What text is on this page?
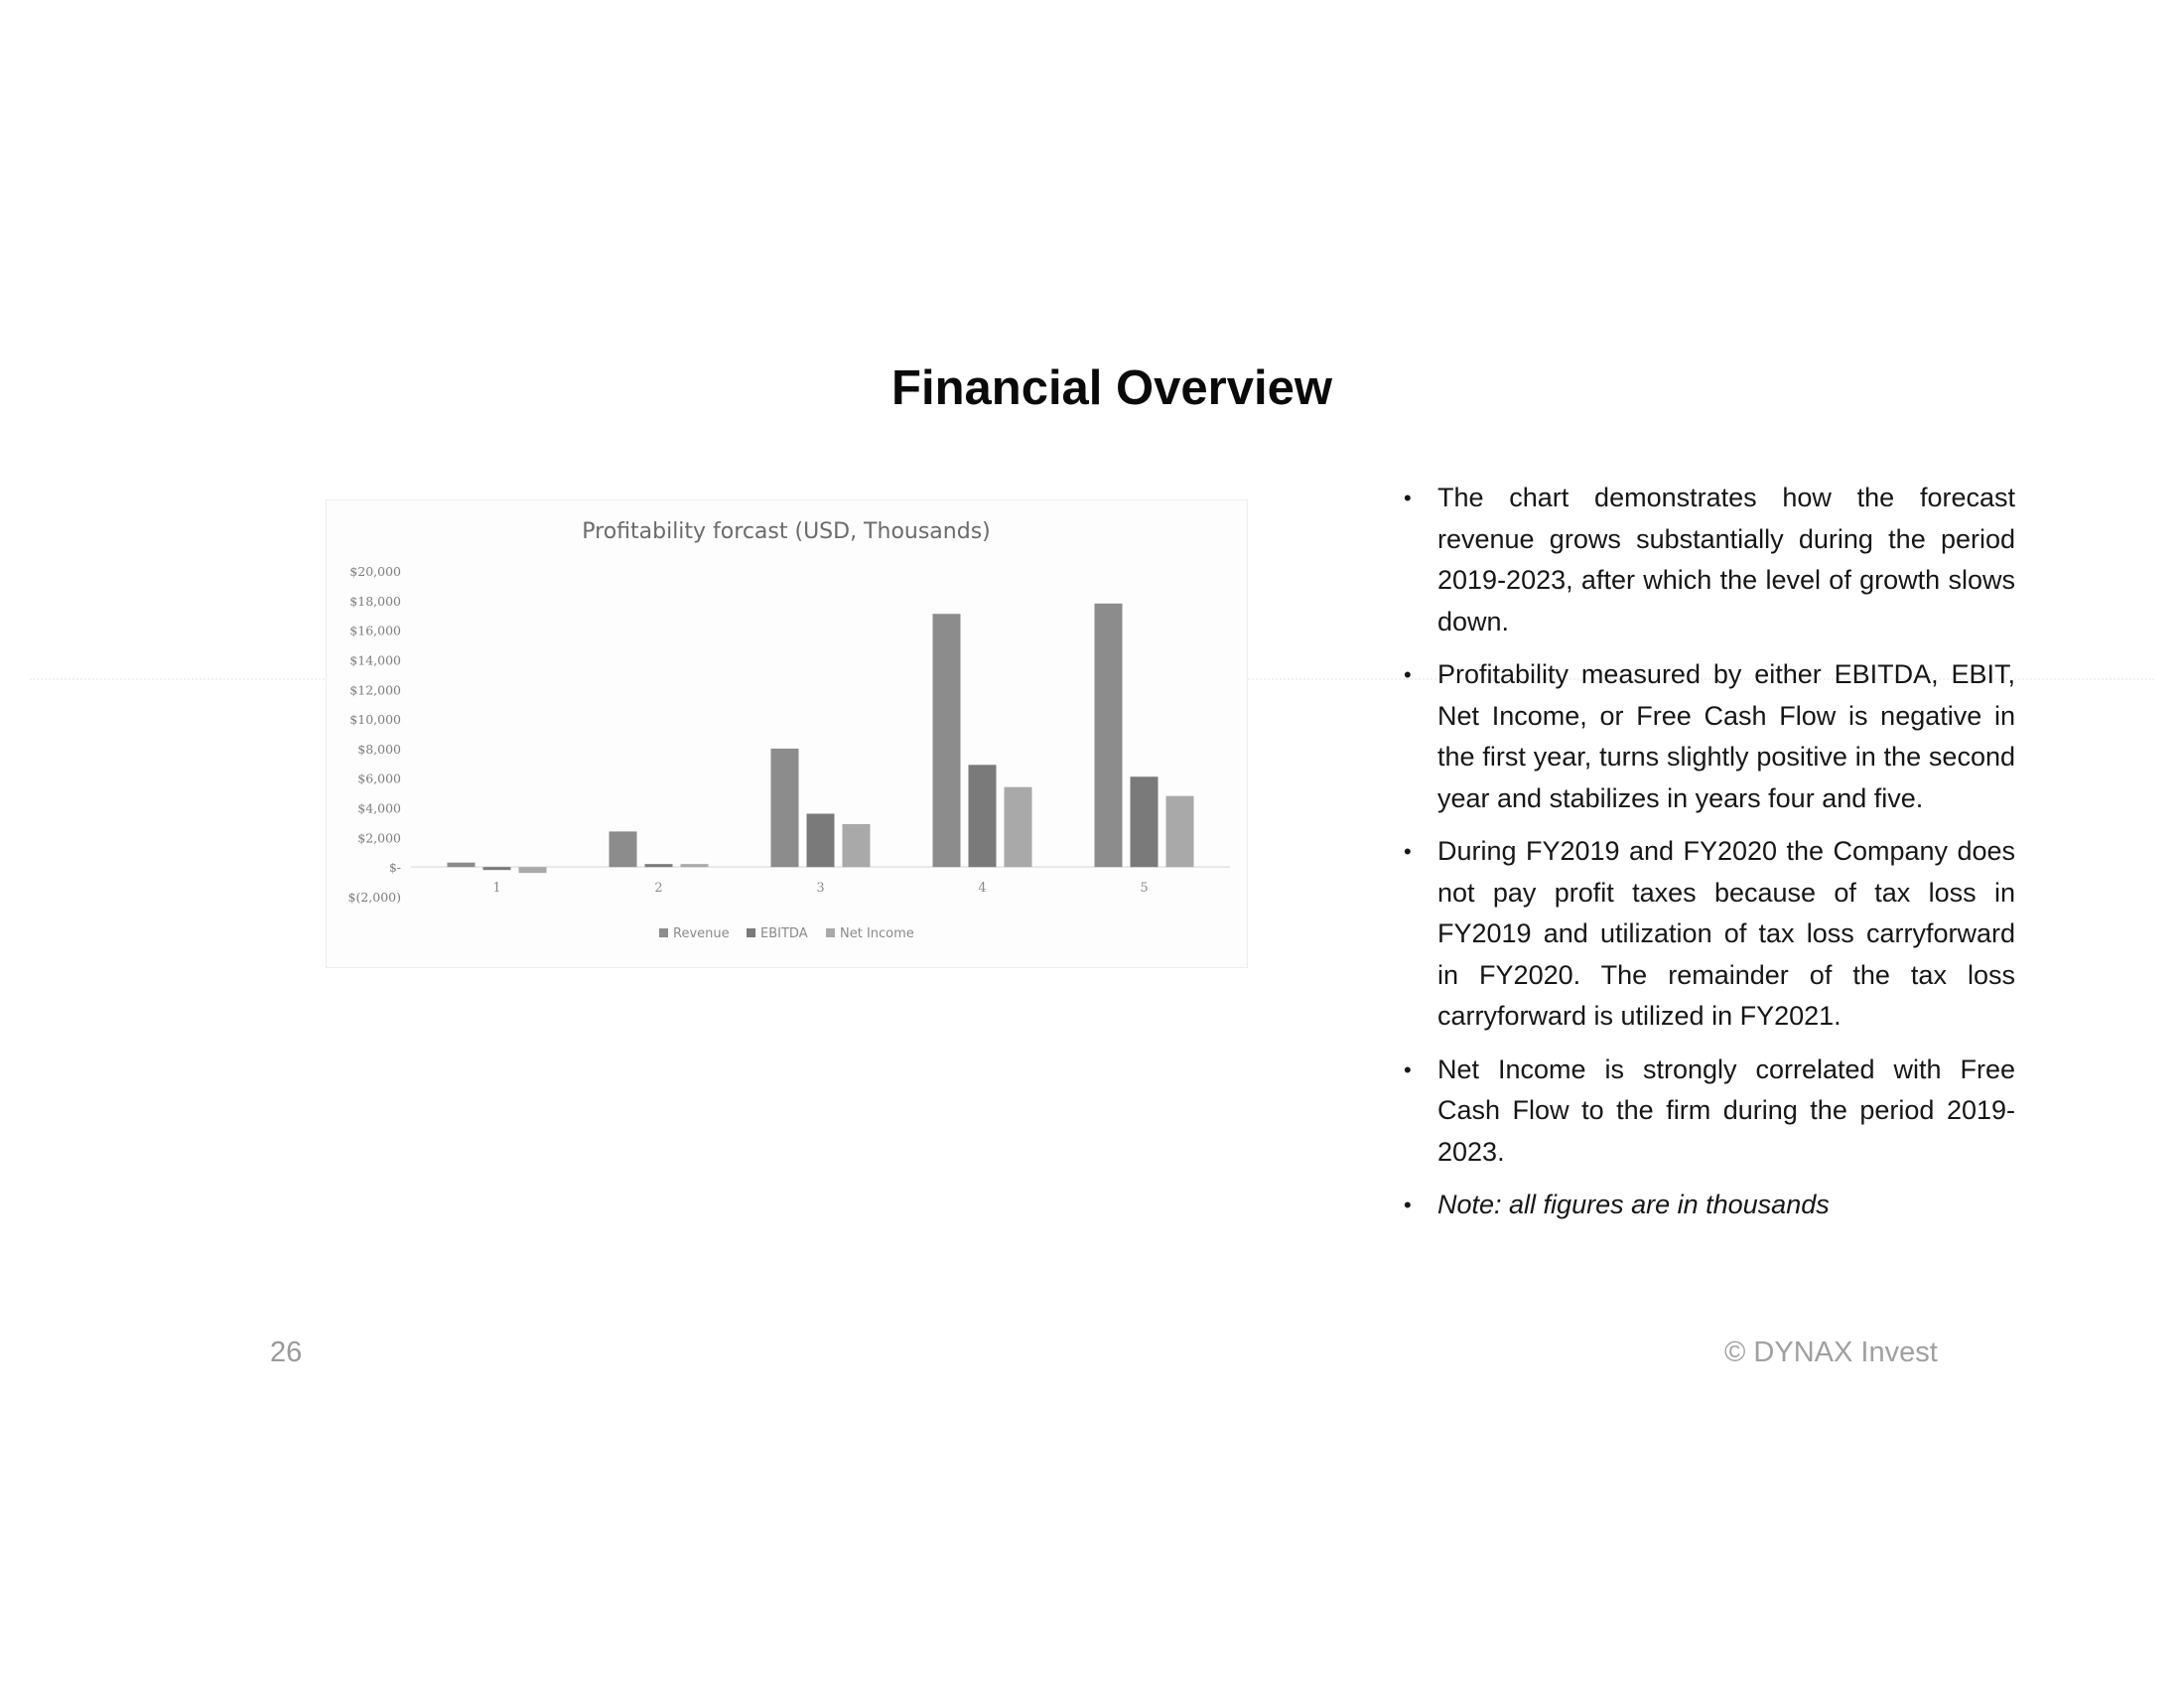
Financial Overview
Profitability forcast (USD, Thousands)
$20,000
$18,000
$16,000
$14,000
$12,000
$10,000
$8,000
$6,000
$4,000
$2,000
$-
$(2,000)
1	2	3	4	5
Revenue EBITDA Net Income
• The chart demonstrates how the forecast revenue grows substantially during the period 2019-2023, after which the level of growth slows down.
• Profitability measured by either EBITDA, EBIT, Net Income, or Free Cash Flow is negative in the first year, turns slightly positive in the second year and stabilizes in years four and five.
• During FY2019 and FY2020 the Company does not pay profit taxes because of tax loss in FY2019 and utilization of tax loss carryforward in FY2020. The remainder of the tax loss carryforward is utilized in FY2021.
• Net Income is strongly correlated with Free Cash Flow to the firm during the period 2019-2023.
• Note: all figures are in thousands
26	© DYNAX Invest
